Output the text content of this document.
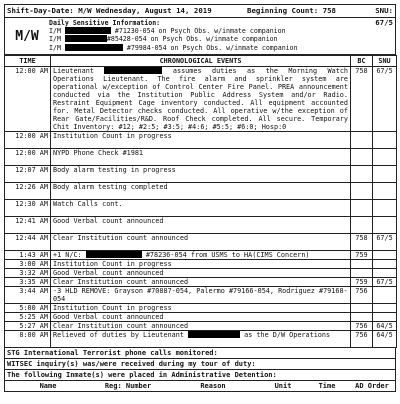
Shift-Day-Date: M/W Wednesday, August 14, 2019	Beginning Count: 758	SNU: 67/5
M/W
Daily Sensitive Information:
I/M	#71230-054 on Psych Obs. w/inmate companion
I/M	#85428-054 on Psych Obs. w/inmate companion
I/M	#79984-054 on Psych Obs. w/inmate companion
TIME	CHRONOLOGICAL EVENTS	BC	SNU
12:00 AM	Lieutenant assumes duties as the Morning Watch Operations Lieutenant. The fire alarm and sprinkler system are operational w/exception of Control Center Fire Panel. PREA announcement conducted via the Institution Public Address System and/or Radio. Restraint Equipment Cage inventory conducted. All equipment accounted for. Metal Detector checks conducted. All operative w/the exception of Rear Gate/Facilities/R&D. Roof Check completed. All secure. Temporary Chit Inventory: #12; #2:5; #3:5; #4:6; #5:5; #6:0; Hosp:0	758	67/5
12:00 AM	Institution Count in progress		
12:00 AM	NYPD Phone Check #1981		
12:07 AM	Body alarm testing in progress		
12:26 AM	Body alarm testing completed		
12:30 AM	Watch Calls cont.		
12:41 AM	Good Verbal count announced		
12:44 AM	Clear Institution count announced	758	67/5
1:43 AM	+1 N/C: #78236-054 from USMS to HA(CIMS Concern)	759	
3:00 AM	Institution Count in progress		
3:32 AM	Good Verbal count announced		
3:35 AM	Clear Institution count announced	759	67/5
3:44 AM	-3 HLD REMOVE: Grayson #70887-054, Palermo #79166-054, Rodriguez #79168-054	756	
5:00 AM	Institution Count in progress		
5:25 AM	Good Verbal count announced		
5:27 AM	Clear Institution count announced	756	64/5
8:00 AM	Relieved of duties by Lieutenant as the D/W Operations	756	64/5
STG International Terrorist phone calls monitored:
WITSEC inquiry(s) was/were received during my tour of duty:
The following Inmate(s) were placed in Administrative Detention:
Name	Reg: Number	Reason	Unit	Time	AD Order
